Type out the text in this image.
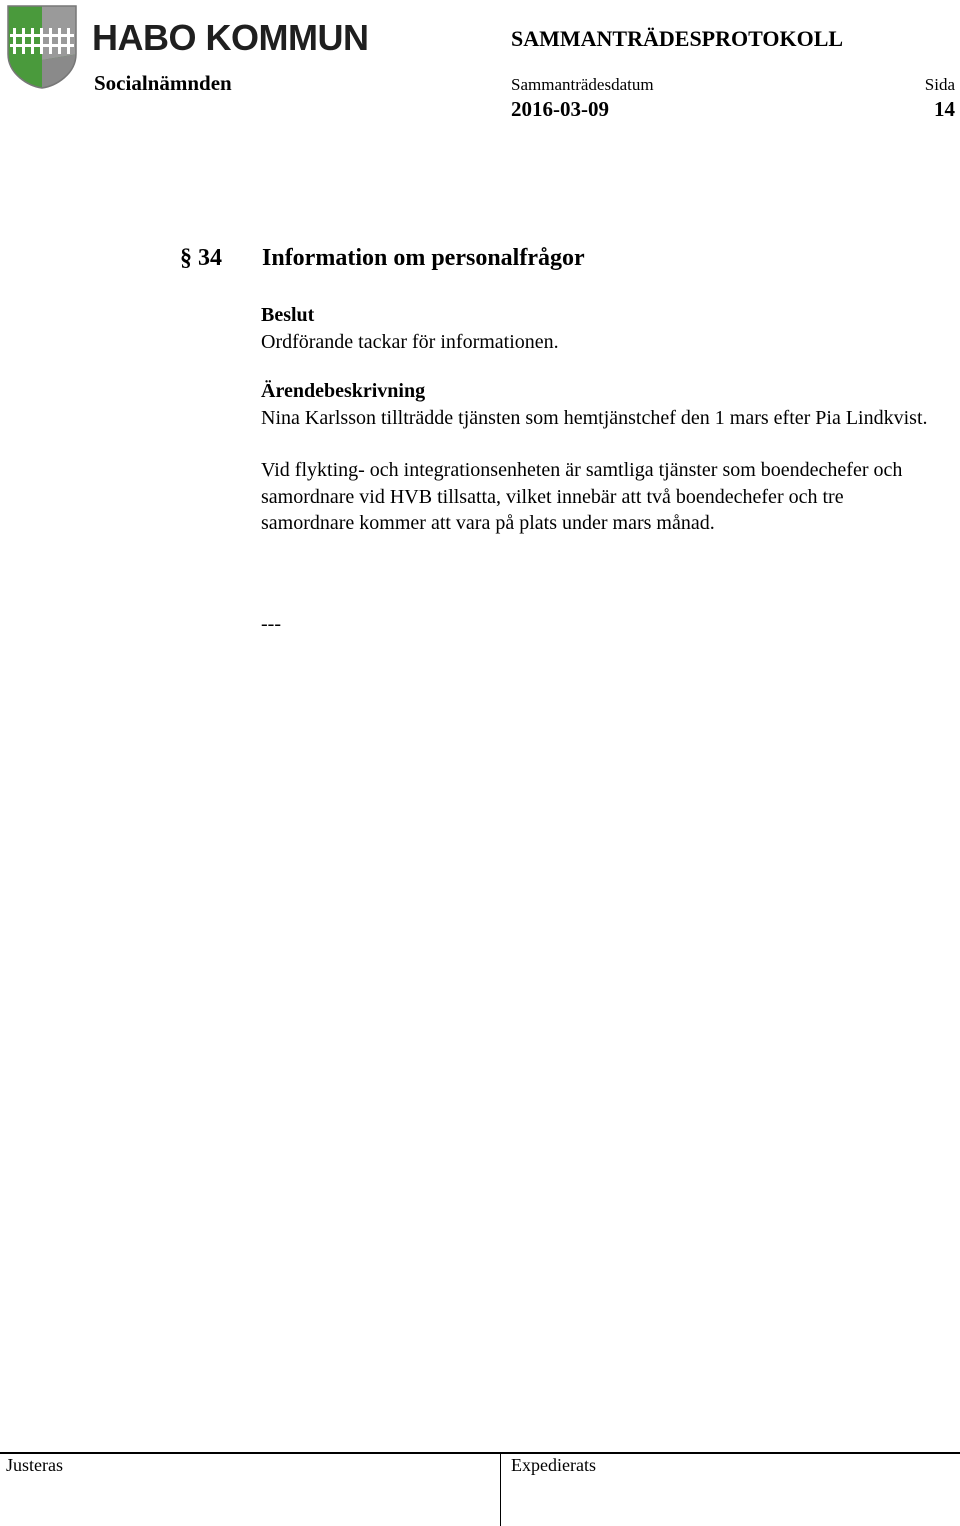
HABO KOMMUN
Socialnämnden
SAMMANTRÄDESPROTOKOLL
Sammanträdesdatum	Sida
2016-03-09	14
§ 34 Information om personalfrågor
Beslut

Ordförande tackar för informationen.

Ärendebeskrivning

Nina Karlsson tillträdde tjänsten som hemtjänstchef den 1 mars efter Pia Lindkvist.

Vid flykting- och integrationsenheten är samtliga tjänster som boendechefer och samordnare vid HVB tillsatta, vilket innebär att två boendechefer och tre samordnare kommer att vara på plats under mars månad.

---
Justeras	Expedierats
